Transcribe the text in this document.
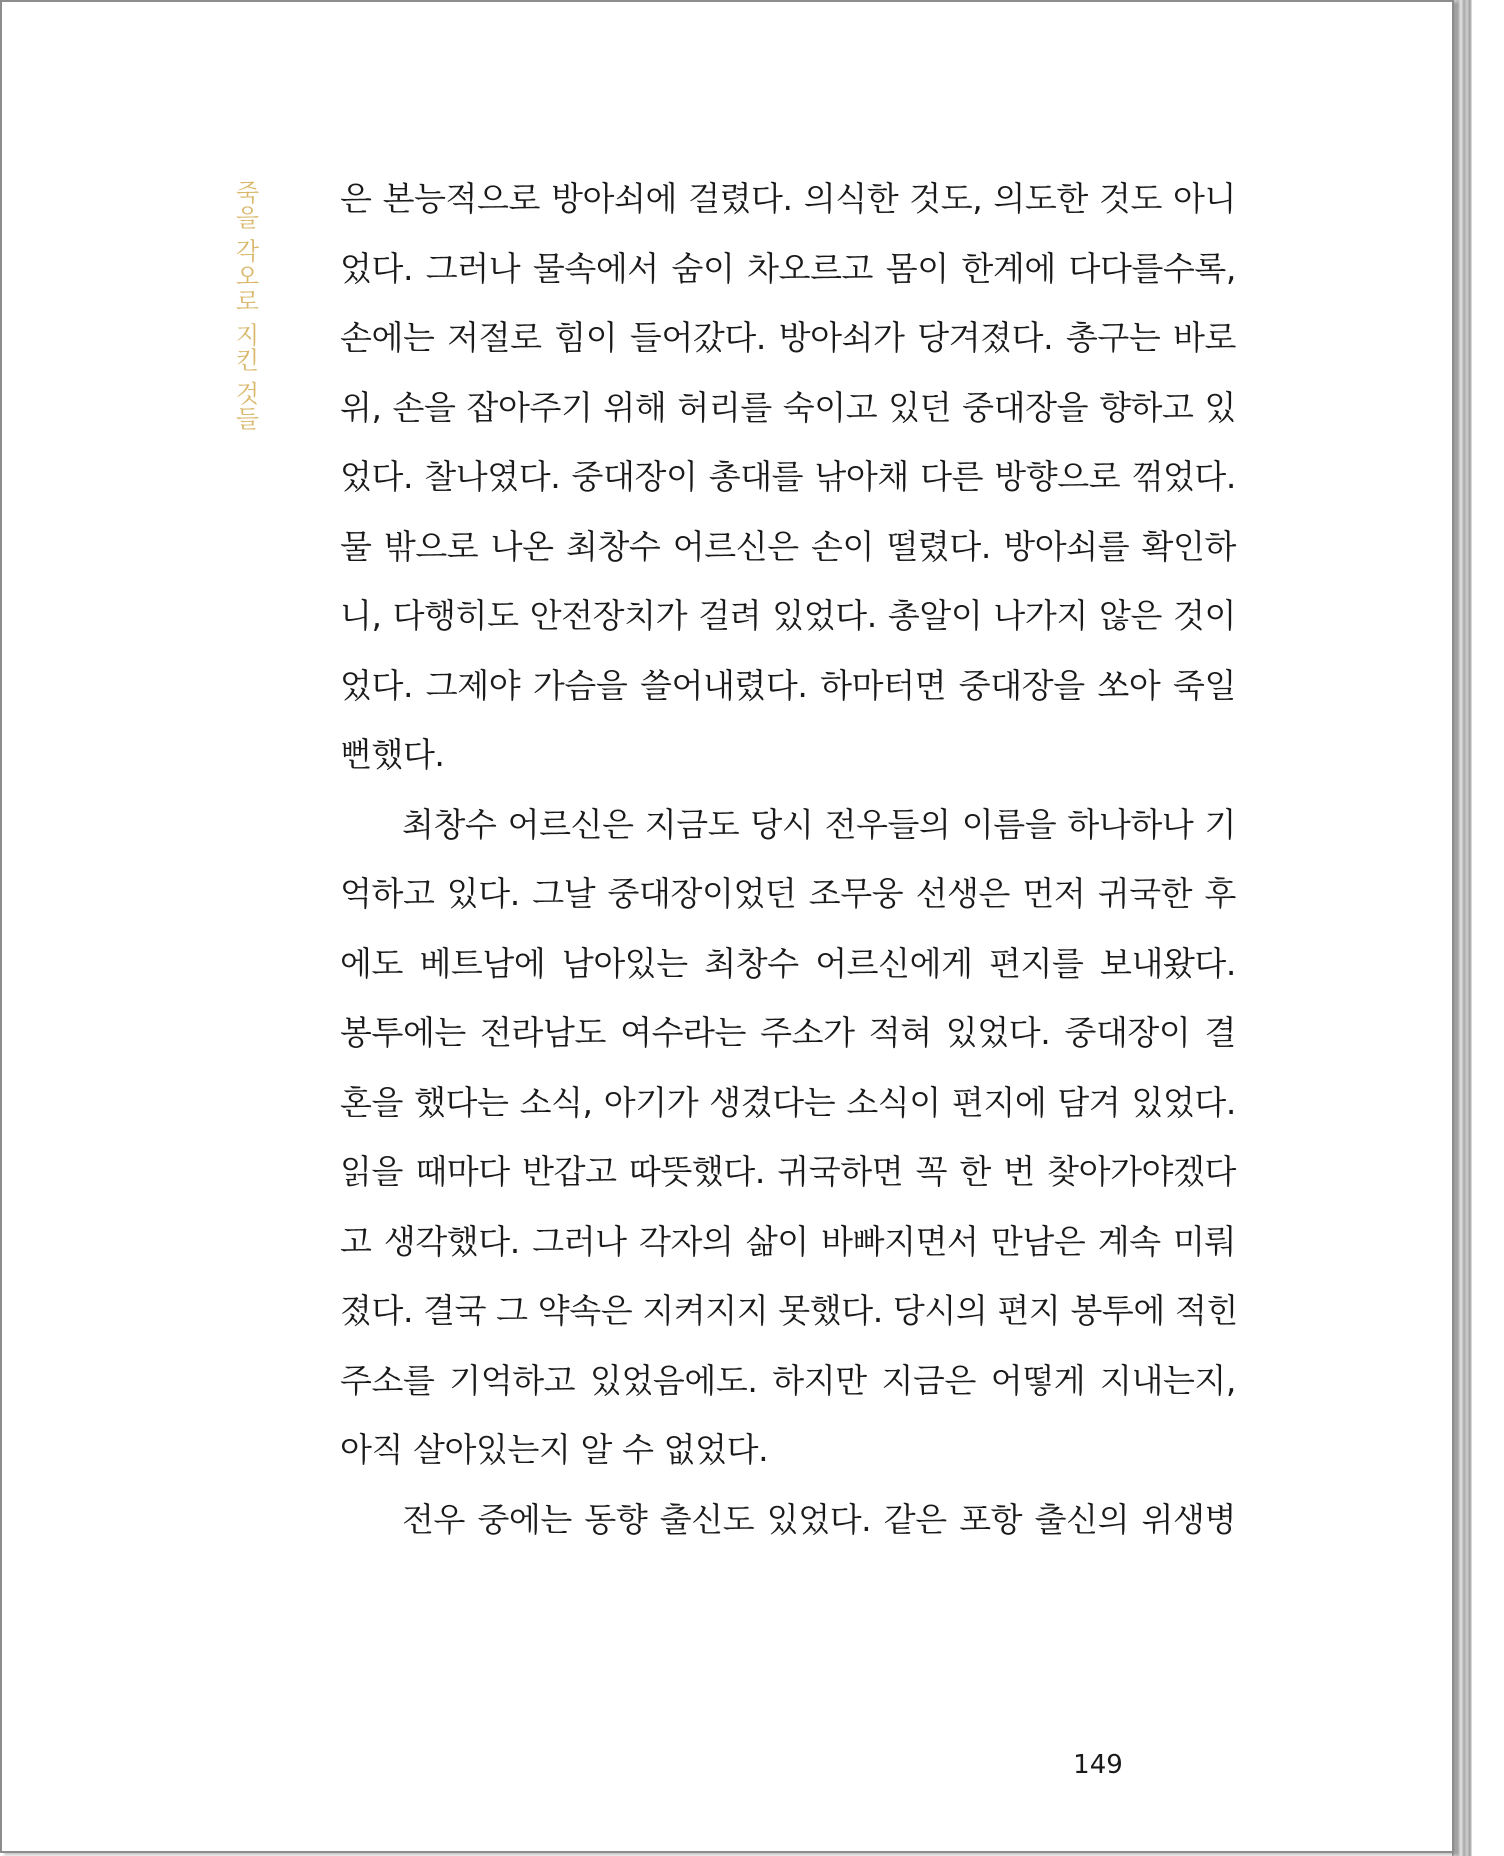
죽을 각오로 지킨 것들 은 본능적으로 방아쇠에 걸렸다. 의식한 것도, 의도한 것도 아니
었다. 그러나 물속에서 숨이 차오르고 몸이 한계에 다다를수록,
손에는 저절로 힘이 들어갔다. 방아쇠가 당겨졌다. 총구는 바로
위, 손을 잡아주기 위해 허리를 숙이고 있던 중대장을 향하고 있
었다. 찰나였다. 중대장이 총대를 낚아채 다른 방향으로 꺾었다.
물 밖으로 나온 최창수 어르신은 손이 떨렸다. 방아쇠를 확인하
니, 다행히도 안전장치가 걸려 있었다. 총알이 나가지 않은 것이
었다. 그제야 가슴을 쓸어내렸다. 하마터면 중대장을 쏘아 죽일
뻔했다.
최창수 어르신은 지금도 당시 전우들의 이름을 하나하나 기
억하고 있다. 그날 중대장이었던 조무웅 선생은 먼저 귀국한 후
에도 베트남에 남아있는 최창수 어르신에게 편지를 보내왔다.
봉투에는 전라남도 여수라는 주소가 적혀 있었다. 중대장이 결
혼을 했다는 소식, 아기가 생겼다는 소식이 편지에 담겨 있었다.
읽을 때마다 반갑고 따뜻했다. 귀국하면 꼭 한 번 찾아가야겠다
고 생각했다. 그러나 각자의 삶이 바빠지면서 만남은 계속 미뤄
졌다. 결국 그 약속은 지켜지지 못했다. 당시의 편지 봉투에 적힌
주소를 기억하고 있었음에도. 하지만 지금은 어떻게 지내는지,
아직 살아있는지 알 수 없었다.
전우 중에는 동향 출신도 있었다. 같은 포항 출신의 위생병
149
